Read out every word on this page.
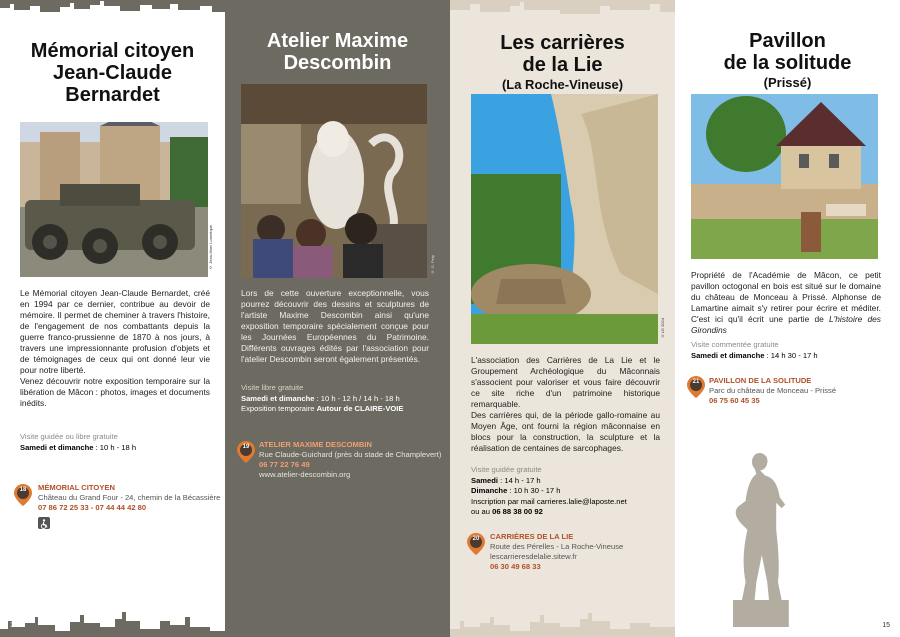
Mémorial citoyen
Jean-Claude
Bernardet
© Jean-Marc Lonnelque

Le Mémorial citoyen Jean-Claude Bernardet, créé en 1994 par ce dernier, contribue au devoir de mémoire. Il permet de cheminer à travers l'histoire, de l'engagement de nos combattants depuis la guerre franco-prussienne de 1870 à nos jours, à travers une impressionnante profusion d'objets et de témoignages de ceux qui ont donné leur vie pour notre liberté.

Venez découvrir notre exposition temporaire sur la libération de Mâcon : photos, images et documents inédits.

Visite guidée ou libre gratuite
Samedi et dimanche : 10 h - 18 h
18	MÉMORIAL CITOYEN
Château du Grand Four - 24, chemin de la Bécassière
07 86 72 25 33 - 07 44 44 42 80
14
Atelier Maxime
Descombin
© G. Pety

Lors de cette ouverture exceptionnelle, vous pourrez découvrir des dessins et sculptures de l'artiste Maxime Descombin ainsi qu'une exposition temporaire spécialement conçue pour les Journées Européennes du Patrimoine. Différents ouvrages édités par l'association pour l'atelier Descombin seront également présentés.

Visite libre gratuite
Samedi et dimanche : 10 h - 12 h / 14 h - 18 h
Exposition temporaire Autour de CLAIRE-VOIE
19	ATELIER MAXIME DESCOMBIN
Rue Claude-Guichard (près du stade de Champlevert)
06 77 22 76 49
www.atelier-descombin.org
Les carrières
de la Lie
(La Roche-Vineuse)
©LG 2024

L'association des Carrières de La Lie et le Groupement Archéologique du Mâconnais s'associent pour valoriser et vous faire découvrir ce site riche d'un patrimoine historique remarquable.

Des carrières qui, de la période gallo-romaine au Moyen Âge, ont fourni la région mâconnaise en blocs pour la construction, la sculpture et la réalisation de centaines de sarcophages.

Visite guidée gratuite
Samedi : 14 h - 17 h
Dimanche : 10 h 30 - 17 h
Inscription par mail carrieres.lalie@laposte.net
ou au 06 88 38 00 92
20	CARRIÈRES DE LA LIE
Route des Pérelles - La Roche-Vineuse
lescarrieresdelalie.sitew.fr
06 30 49 68 33
Pavillon
de la solitude
(Prissé)

Propriété de l'Académie de Mâcon, ce petit pavillon octogonal en bois est situé sur le domaine du château de Monceau à Prissé. Alphonse de Lamartine aimait s'y retirer pour écrire et méditer. C'est ici qu'il écrit une partie de L'histoire des Girondins

Visite commentée gratuite
Samedi et dimanche : 14 h 30 - 17 h
21	PAVILLON DE LA SOLITUDE
Parc du château de Monceau - Prissé
06 75 60 45 35
15
